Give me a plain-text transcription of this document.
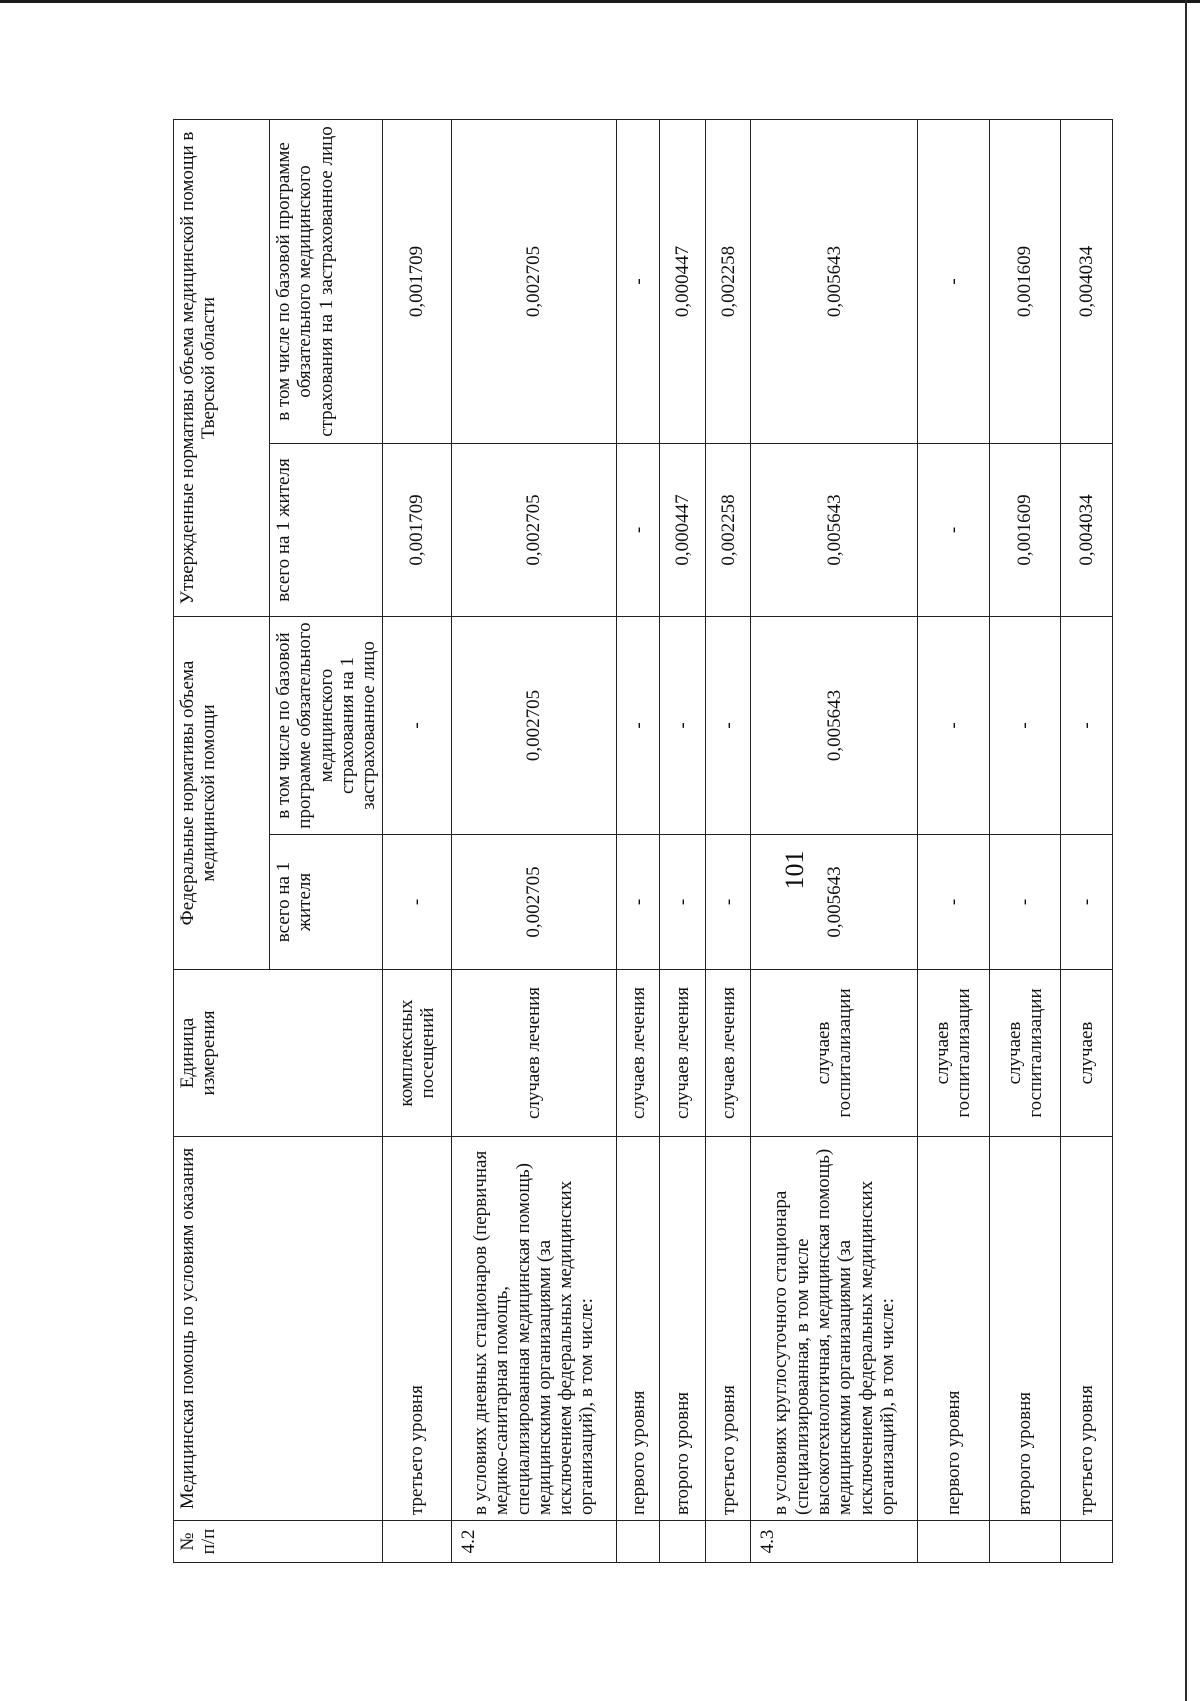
101
№ п/п	Медицинская помощь по условиям оказания	Единица измерения	Федеральные нормативы объема медицинской помощи		Утвержденные нормативы объема медицинской помощи в Тверской области	
			всего на 1 жителя	в том числе по базовой программе обязательного медицинского страхования на 1 застрахованное лицо	всего на 1 жителя	в том числе по базовой программе обязательного медицинского страхования на 1 застрахованное лицо
	третьего уровня	комплексных посещений	-	-	0,001709	0,001709
4.2	в условиях дневных стационаров (первичная медико-санитарная помощь, специализированная медицинская помощь) медицинскими организациями (за исключением федеральных медицинских организаций), в том числе:	случаев лечения	0,002705	0,002705	0,002705	0,002705
	первого уровня	случаев лечения	-	-	-	-
	второго уровня	случаев лечения	-	-	0,000447	0,000447
	третьего уровня	случаев лечения	-	-	0,002258	0,002258
4.3	в условиях круглосуточного стационара (специализированная, в том числе высокотехнологичная, медицинская помощь) медицинскими организациями (за исключением федеральных медицинских организаций), в том числе:	случаев госпитализации	0,005643	0,005643	0,005643	0,005643
	первого уровня	случаев госпитализации	-	-	-	-
	второго уровня	случаев госпитализации	-	-	0,001609	0,001609
	третьего уровня	случаев	-	-	0,004034	0,004034
